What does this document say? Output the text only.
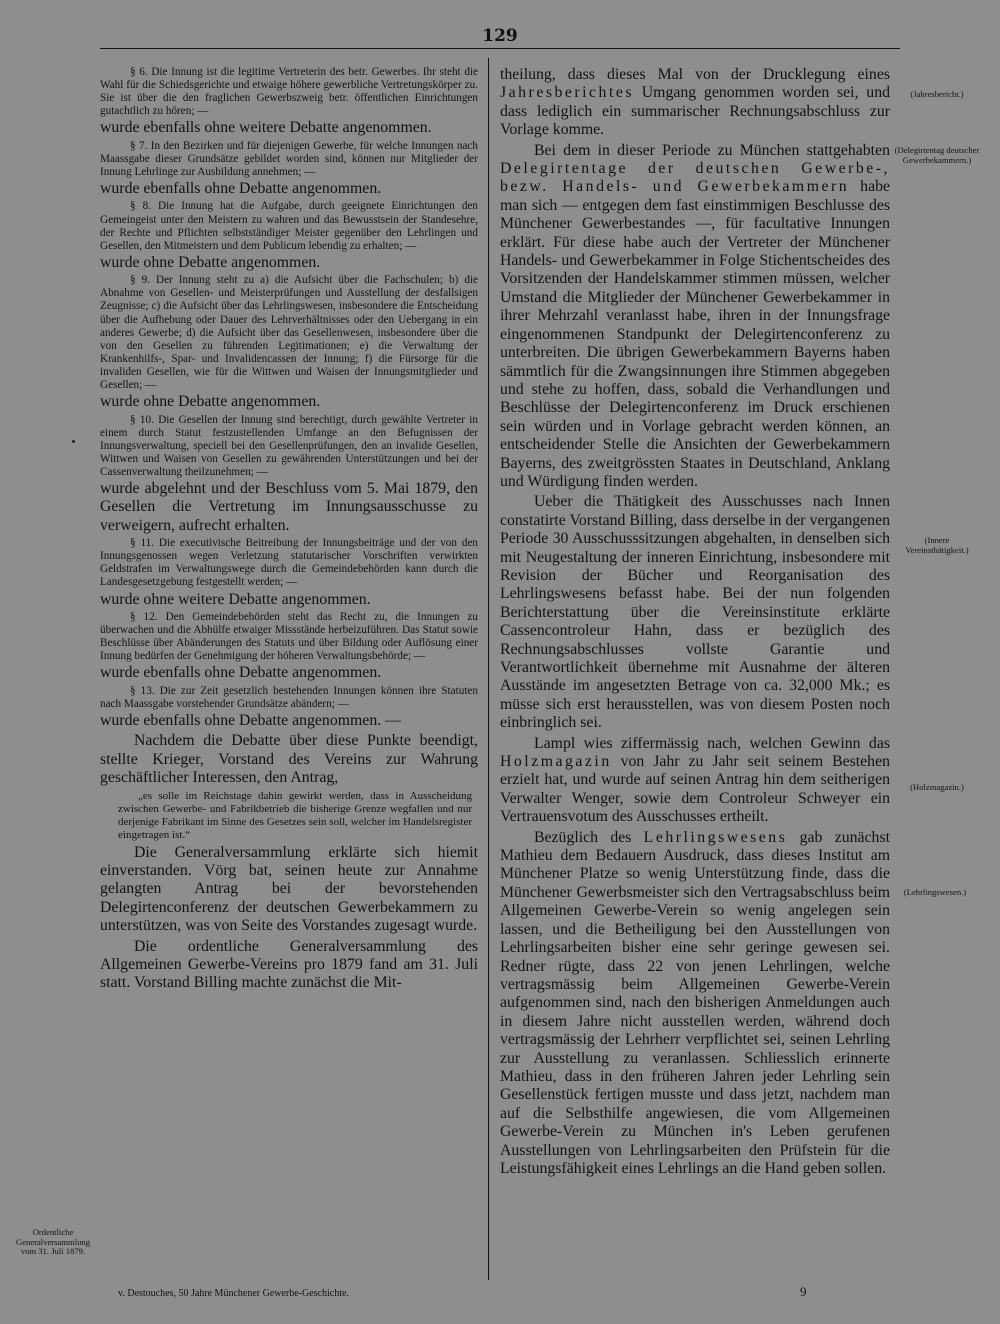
129

§ 6. Die Innung ist die legitime Vertreterin des betr. Gewerbes. Ihr steht die Wahl für die Schiedsgerichte und etwaige höhere gewerbliche Vertretungskörper zu. Sie ist über die den fraglichen Gewerbszweig betr. öffentlichen Einrichtungen gutachtlich zu hören; —

wurde ebenfalls ohne weitere Debatte angenommen.

§ 7. In den Bezirken und für diejenigen Gewerbe, für welche Innungen nach Maassgabe dieser Grundsätze gebildet worden sind, können nur Mitglieder der Innung Lehrlinge zur Ausbildung annehmen; —

wurde ebenfalls ohne Debatte angenommen.

§ 8. Die Innung hat die Aufgabe, durch geeignete Einrichtungen den Gemeingeist unter den Meistern zu wahren und das Bewusstsein der Standesehre, der Rechte und Pflichten selbstständiger Meister gegenüber den Lehrlingen und Gesellen, den Mitmeistern und dem Publicum lebendig zu erhalten; —

wurde ohne Debatte angenommen.

§ 9. Der Innung steht zu a) die Aufsicht über die Fachschulen; b) die Abnahme von Gesellen- und Meisterprüfungen und Ausstellung der desfallsigen Zeugnisse; c) die Aufsicht über das Lehrlingswesen, insbesondere die Entscheidung über die Aufhebung oder Dauer des Lehrverhältnisses oder den Uebergang in ein anderes Gewerbe; d) die Aufsicht über das Gesellenwesen, insbesondere über die von den Gesellen zu führenden Legitimationen; e) die Verwaltung der Krankenhilfs-, Spar- und Invalidencassen der Innung; f) die Fürsorge für die invaliden Gesellen, wie für die Wittwen und Waisen der Innungsmitglieder und Gesellen; —

wurde ohne Debatte angenommen.

§ 10. Die Gesellen der Innung sind berechtigt, durch gewählte Vertreter in einem durch Statut festzustellenden Umfange an den Befugnissen der Innungsverwaltung, speciell bei den Gesellenprüfungen, den an invalide Gesellen, Wittwen und Waisen von Gesellen zu gewährenden Unterstützungen und bei der Cassenverwaltung theilzunehmen; —

wurde abgelehnt und der Beschluss vom 5. Mai 1879, den Gesellen die Vertretung im Innungsausschusse zu verweigern, aufrecht erhalten.

§ 11. Die executivische Beitreibung der Innungsbeiträge und der von den Innungsgenossen wegen Verletzung statutarischer Vorschriften verwirkten Geldstrafen im Verwaltungswege durch die Gemeindebehörden kann durch die Landesgesetzgebung festgestellt werden; —

wurde ohne weitere Debatte angenommen.

§ 12. Den Gemeindebehörden steht das Recht zu, die Innungen zu überwachen und die Abhülfe etwaiger Missstände herbeizuführen. Das Statut sowie Beschlüsse über Abänderungen des Statuts und über Bildung oder Auflösung einer Innung bedürfen der Genehmigung der höheren Verwaltungsbehörde; —

wurde ebenfalls ohne Debatte angenommen.

§ 13. Die zur Zeit gesetzlich bestehenden Innungen können ihre Statuten nach Maassgabe vorstehender Grundsätze abändern; —

wurde ebenfalls ohne Debatte angenommen. —

Nachdem die Debatte über diese Punkte beendigt, stellte Krieger, Vorstand des Vereins zur Wahrung geschäftlicher Interessen, den Antrag,

„es solle im Reichstage dahin gewirkt werden, dass in Ausscheidung zwischen Gewerbe- und Fabrikbetrieb die bisherige Grenze wegfallen und nur derjenige Fabrikant im Sinne des Gesetzes sein soll, welcher im Handelsregister eingetragen ist.“

Die Generalversammlung erklärte sich hiemit einverstanden. Vörg bat, seinen heute zur Annahme gelangten Antrag bei der bevorstehenden Delegirtenconferenz der deutschen Gewerbekammern zu unterstützen, was von Seite des Vorstandes zugesagt wurde.

Die ordentliche Generalversammlung des Allgemeinen Gewerbe-Vereins pro 1879 fand am 31. Juli statt. Vorstand Billing machte zunächst die Mit-

Ordentliche Generalversammlung vom 31. Juli 1879.

theilung, dass dieses Mal von der Drucklegung eines Jahresberichtes Umgang genommen worden sei, und dass lediglich ein summarischer Rechnungsabschluss zur Vorlage komme.

Bei dem in dieser Periode zu München stattgehabten Delegirtentage der deutschen Gewerbe-, bezw. Handels- und Gewerbekammern habe man sich — entgegen dem fast einstimmigen Beschlusse des Münchener Gewerbestandes —, für facultative Innungen erklärt. Für diese habe auch der Vertreter der Münchener Handels- und Gewerbekammer in Folge Stichentscheides des Vorsitzenden der Handelskammer stimmen müssen, welcher Umstand die Mitglieder der Münchener Gewerbekammer in ihrer Mehrzahl veranlasst habe, ihren in der Innungsfrage eingenommenen Standpunkt der Delegirtenconferenz zu unterbreiten. Die übrigen Gewerbekammern Bayerns haben sämmtlich für die Zwangsinnungen ihre Stimmen abgegeben und stehe zu hoffen, dass, sobald die Verhandlungen und Beschlüsse der Delegirtenconferenz im Druck erschienen sein würden und in Vorlage gebracht werden können, an entscheidender Stelle die Ansichten der Gewerbekammern Bayerns, des zweitgrössten Staates in Deutschland, Anklang und Würdigung finden werden.

Ueber die Thätigkeit des Ausschusses nach Innen constatirte Vorstand Billing, dass derselbe in der vergangenen Periode 30 Ausschusssitzungen abgehalten, in denselben sich mit Neugestaltung der inneren Einrichtung, insbesondere mit Revision der Bücher und Reorganisation des Lehrlingswesens befasst habe. Bei der nun folgenden Berichterstattung über die Vereinsinstitute erklärte Cassencontroleur Hahn, dass er bezüglich des Rechnungsabschlusses vollste Garantie und Verantwortlichkeit übernehme mit Ausnahme der älteren Ausstände im angesetzten Betrage von ca. 32,000 Mk.; es müsse sich erst herausstellen, was von diesem Posten noch einbringlich sei.

Lampl wies ziffermässig nach, welchen Gewinn das Holzmagazin von Jahr zu Jahr seit seinem Bestehen erzielt hat, und wurde auf seinen Antrag hin dem seitherigen Verwalter Wenger, sowie dem Controleur Schweyer ein Vertrauensvotum des Ausschusses ertheilt.

Bezüglich des Lehrlingswesens gab zunächst Mathieu dem Bedauern Ausdruck, dass dieses Institut am Münchener Platze so wenig Unterstützung finde, dass die Münchener Gewerbsmeister sich den Vertragsabschluss beim Allgemeinen Gewerbe-Verein so wenig angelegen sein lassen, und die Betheiligung bei den Ausstellungen von Lehrlingsarbeiten bisher eine sehr geringe gewesen sei. Redner rügte, dass 22 von jenen Lehrlingen, welche vertragsmässig beim Allgemeinen Gewerbe-Verein aufgenommen sind, nach den bisherigen Anmeldungen auch in diesem Jahre nicht ausstellen werden, während doch vertragsmässig der Lehrherr verpflichtet sei, seinen Lehrling zur Ausstellung zu veranlassen. Schliesslich erinnerte Mathieu, dass in den früheren Jahren jeder Lehrling sein Gesellenstück fertigen musste und dass jetzt, nachdem man auf die Selbsthilfe angewiesen, die vom Allgemeinen Gewerbe-Verein zu München in's Leben gerufenen Ausstellungen von Lehrlingsarbeiten den Prüfstein für die Leistungsfähigkeit eines Lehrlings an die Hand geben sollen.

(Jahresbericht.)
(Delegirtentag deutscher Gewerbekammern.)
(Innere Vereinsthätigkeit.)
(Holzmagazin.)
(Lehrlingswesen.)
v. Destouches, 50 Jahre Münchener Gewerbe-Geschichte.	9
